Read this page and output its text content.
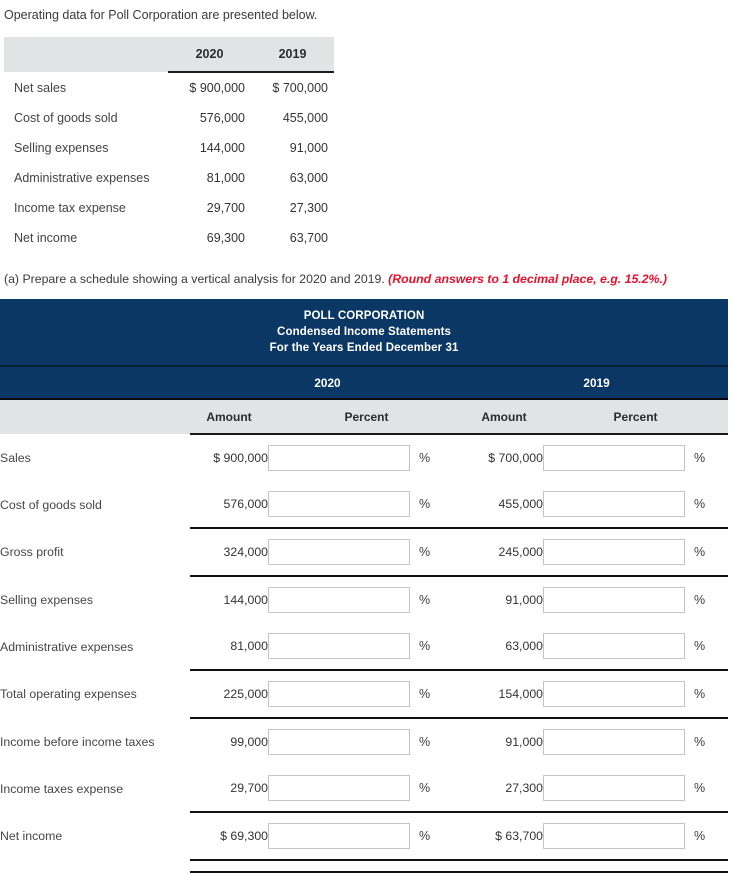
Operating data for Poll Corporation are presented below.
	2020	2019
Net sales	$ 900,000	$ 700,000
Cost of goods sold	576,000	455,000
Selling expenses	144,000	91,000
Administrative expenses	81,000	63,000
Income tax expense	29,700	27,300
Net income	69,300	63,700
(a) Prepare a schedule showing a vertical analysis for 2020 and 2019. (Round answers to 1 decimal place, e.g. 15.2%.)
POLL CORPORATION
Condensed Income Statements
For the Years Ended December 31				

	2020		2019	
	Amount	Percent	Amount	Percent
Sales	$ 900,000	%	$ 700,000	%

Cost of goods sold	576,000	%	455,000	%

Gross profit	324,000	%	245,000	%

Selling expenses	144,000	%	91,000	%

Administrative expenses	81,000	%	63,000	%

Total operating expenses	225,000	%	154,000	%

Income before income taxes	99,000	%	91,000	%

Income taxes expense	29,700	%	27,300	%

Net income	$ 69,300	%	$ 63,700	%
